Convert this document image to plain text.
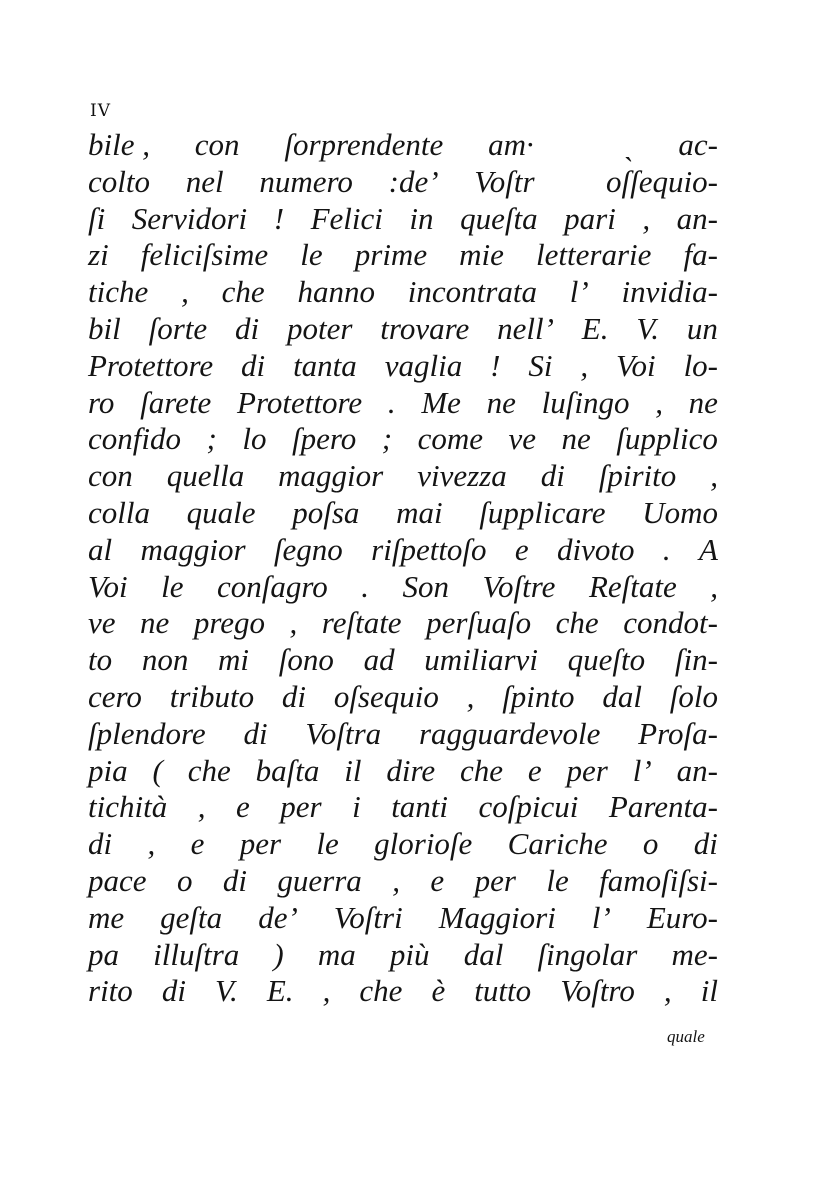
IV
bile , con ſorprendente am·	ˎ ac-
colto nel numero :de’ Voſtr oſſequio-
ſi Servidori ! Felici in queſta pari , an-
zi feliciſsime le prime mie letterarie fa-
tiche , che hanno incontrata l’ invidia-
bil ſorte di poter trovare nell’ E. V. un
Protettore di tanta vaglia ! Si , Voi lo-
ro ſarete Protettore . Me ne luſingo , ne
confido ; lo ſpero ; come ve ne ſupplico
con quella maggior vivezza di ſpirito ,
colla quale poſsa mai ſupplicare Uomo
al maggior ſegno riſpettoſo e divoto . A
Voi le conſagro . Son Voſtre Reſtate ,
ve ne prego , reſtate perſuaſo che condot-
to non mi ſono ad umiliarvi queſto ſin-
cero tributo di oſsequio , ſpinto dal ſolo
ſplendore di Voſtra ragguardevole Proſa-
pia ( che baſta il dire che e per l’ an-
tichità , e per i tanti coſpicui Parenta-
di , e per le glorioſe Cariche o di
pace o di guerra , e per le famoſiſsi-
me geſta de’ Voſtri Maggiori l’ Euro-
pa illuſtra ) ma più dal ſingolar me-
rito di V. E. , che è tutto Voſtro , il
quale
